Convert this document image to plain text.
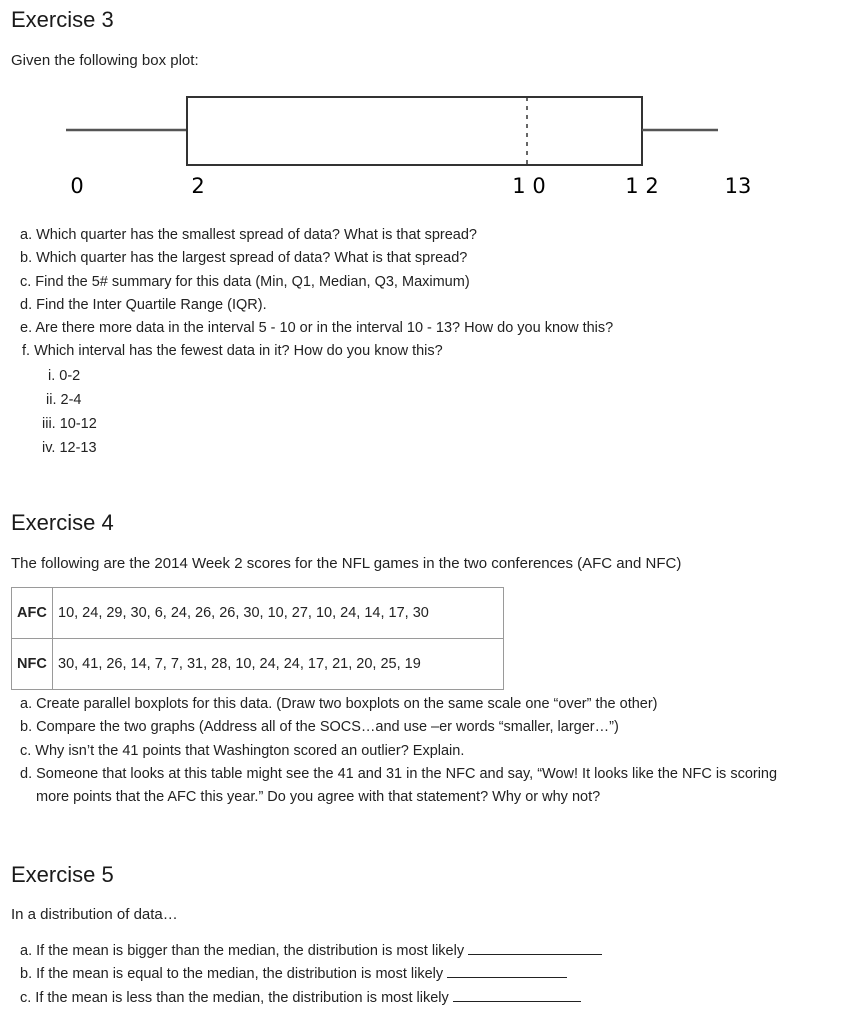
Exercise 3
Given the following box plot:
0	2	1 0	1 2	13
a. Which quarter has the smallest spread of data? What is that spread?
b. Which quarter has the largest spread of data? What is that spread?
c. Find the 5# summary for this data (Min, Q1, Median, Q3, Maximum)
d. Find the Inter Quartile Range (IQR).
e. Are there more data in the interval 5 - 10 or in the interval 10 - 13? How do you know this?
f. Which interval has the fewest data in it? How do you know this?
i. 0-2
ii. 2-4
iii. 10-12
iv. 12-13
Exercise 4
The following are the 2014 Week 2 scores for the NFL games in the two conferences (AFC and NFC)
AFC	10, 24, 29, 30, 6, 24, 26, 26, 30, 10, 27, 10, 24, 14, 17, 30
NFC	30, 41, 26, 14, 7, 7, 31, 28, 10, 24, 24, 17, 21, 20, 25, 19
a. Create parallel boxplots for this data. (Draw two boxplots on the same scale one “over” the other)
b. Compare the two graphs (Address all of the SOCS…and use –er words “smaller, larger…”)
c. Why isn’t the 41 points that Washington scored an outlier? Explain.
d. Someone that looks at this table might see the 41 and 31 in the NFC and say, “Wow! It looks like the NFC is scoring
more points that the AFC this year.” Do you agree with that statement? Why or why not?
Exercise 5
In a distribution of data…
a. If the mean is bigger than the median, the distribution is most likely
b. If the mean is equal to the median, the distribution is most likely
c. If the mean is less than the median, the distribution is most likely
